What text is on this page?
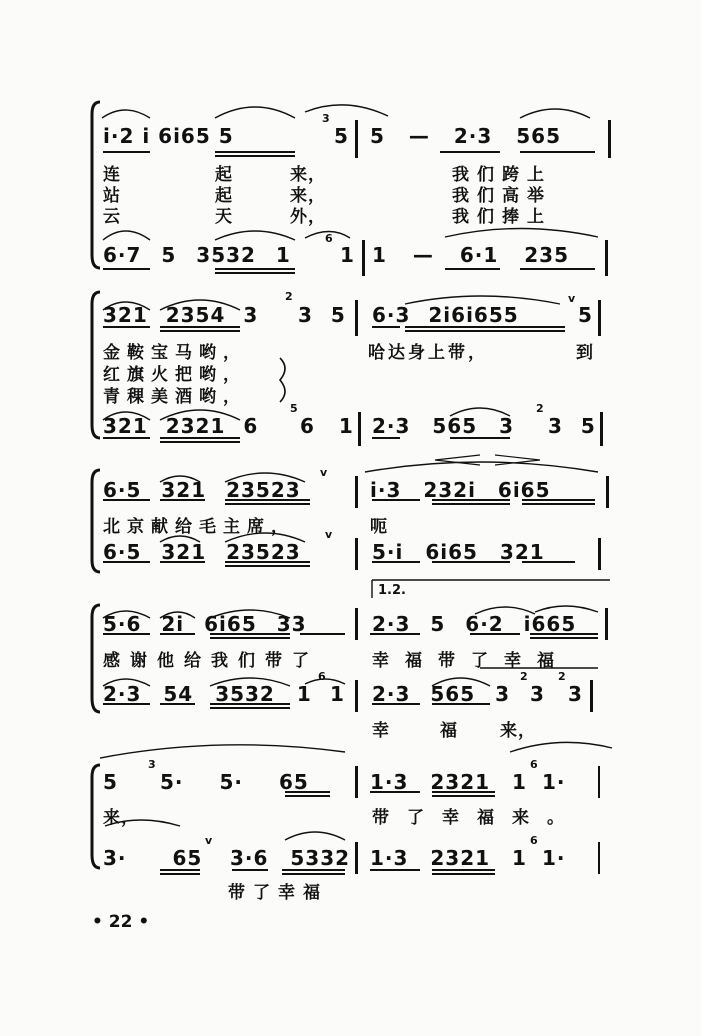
i·2 i 6i65 5
3
5 5 — 2·3 565
连	起	来，	我们跨上
站	起	来，	我们高举
云	天	外，	我们捧上
6·7 5 3532 1
6
1 1 — 6·1 235
321 2354 3
2
3 5 6·3 2i6i655
v
5
金鞍宝马哟，	哈达身上带，	到
红旗火把哟，
青稞美酒哟，
321 2321 6
5
6 1 2·3 565 3
2
3 5
6·5 321 23523
v
i·3 232i 6i65
北京献给毛主席，	呃
6·5 321 23523
v
5·i 6i65 321
1.2.
5·6 2i 6i65 33	2·3 5 6·2 i665
感谢他给我们带了	幸福带了幸福
2·3 54 3532 1
6
1 2·3 565 3
2
3
2
3
幸	福 来，
5
3
5· 5· 65	1·3 2321 1
6
1·
来，	带了幸福来。
3· 65
v
3·6 5332 1·3 2321 1
6
1·
带了幸福
• 22 •
